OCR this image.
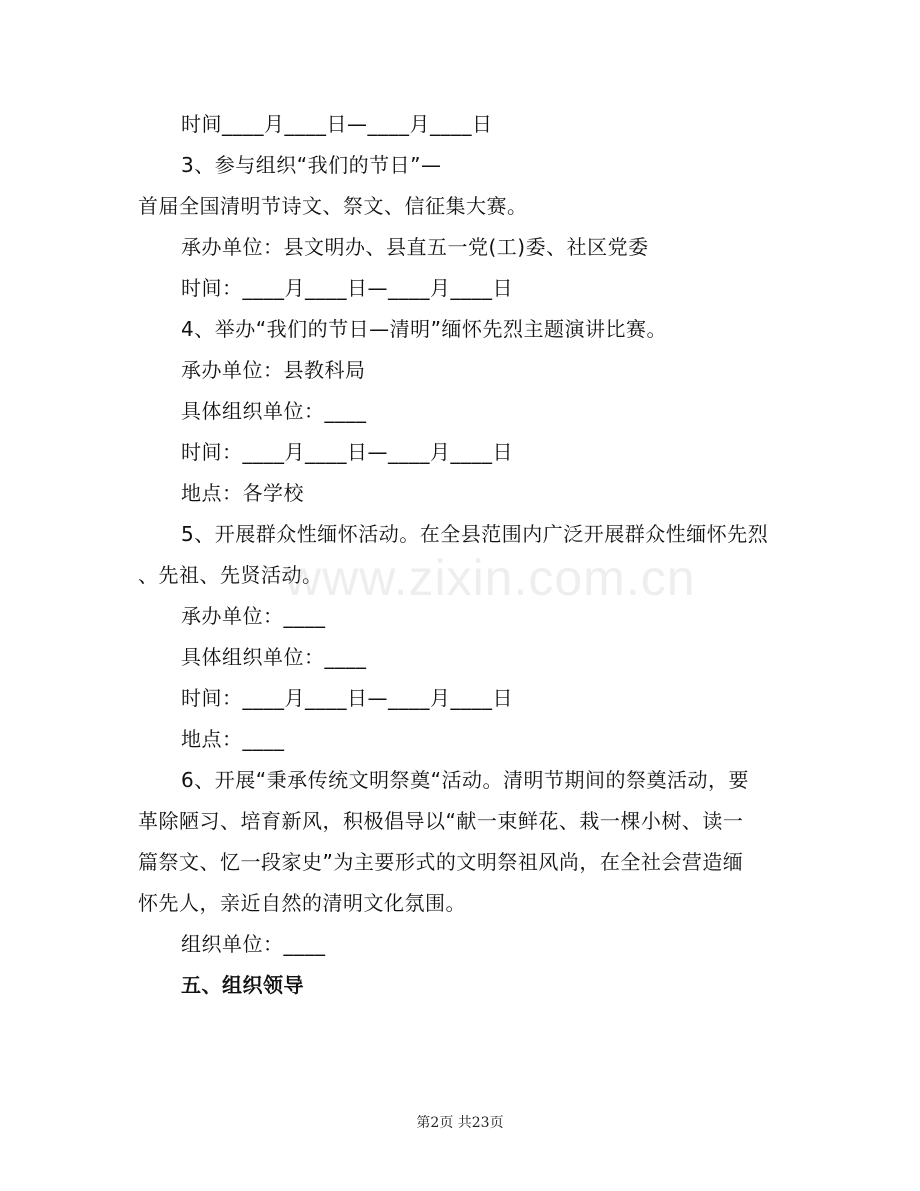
时间____月____日—____月____日
3、参与组织“我们的节日”—
首届全国清明节诗文、祭文、信征集大赛。
承办单位：县文明办、县直五一党(工)委、社区党委
时间：____月____日—____月____日
4、举办“我们的节日—清明”缅怀先烈主题演讲比赛。
承办单位：县教科局
具体组织单位：____
时间：____月____日—____月____日
地点：各学校
5、开展群众性缅怀活动。在全县范围内广泛开展群众性缅怀先烈
、先祖、先贤活动。
承办单位：____
具体组织单位：____
时间：____月____日—____月____日
地点：____
6、开展“秉承传统文明祭奠“活动。清明节期间的祭奠活动，要
革除陋习、培育新风，积极倡导以“献一束鲜花、栽一棵小树、读一
篇祭文、忆一段家史”为主要形式的文明祭祖风尚，在全社会营造缅
怀先人，亲近自然的清明文化氛围。
组织单位：____
五、组织领导
www.zixin.com.cn
第2页 共23页
